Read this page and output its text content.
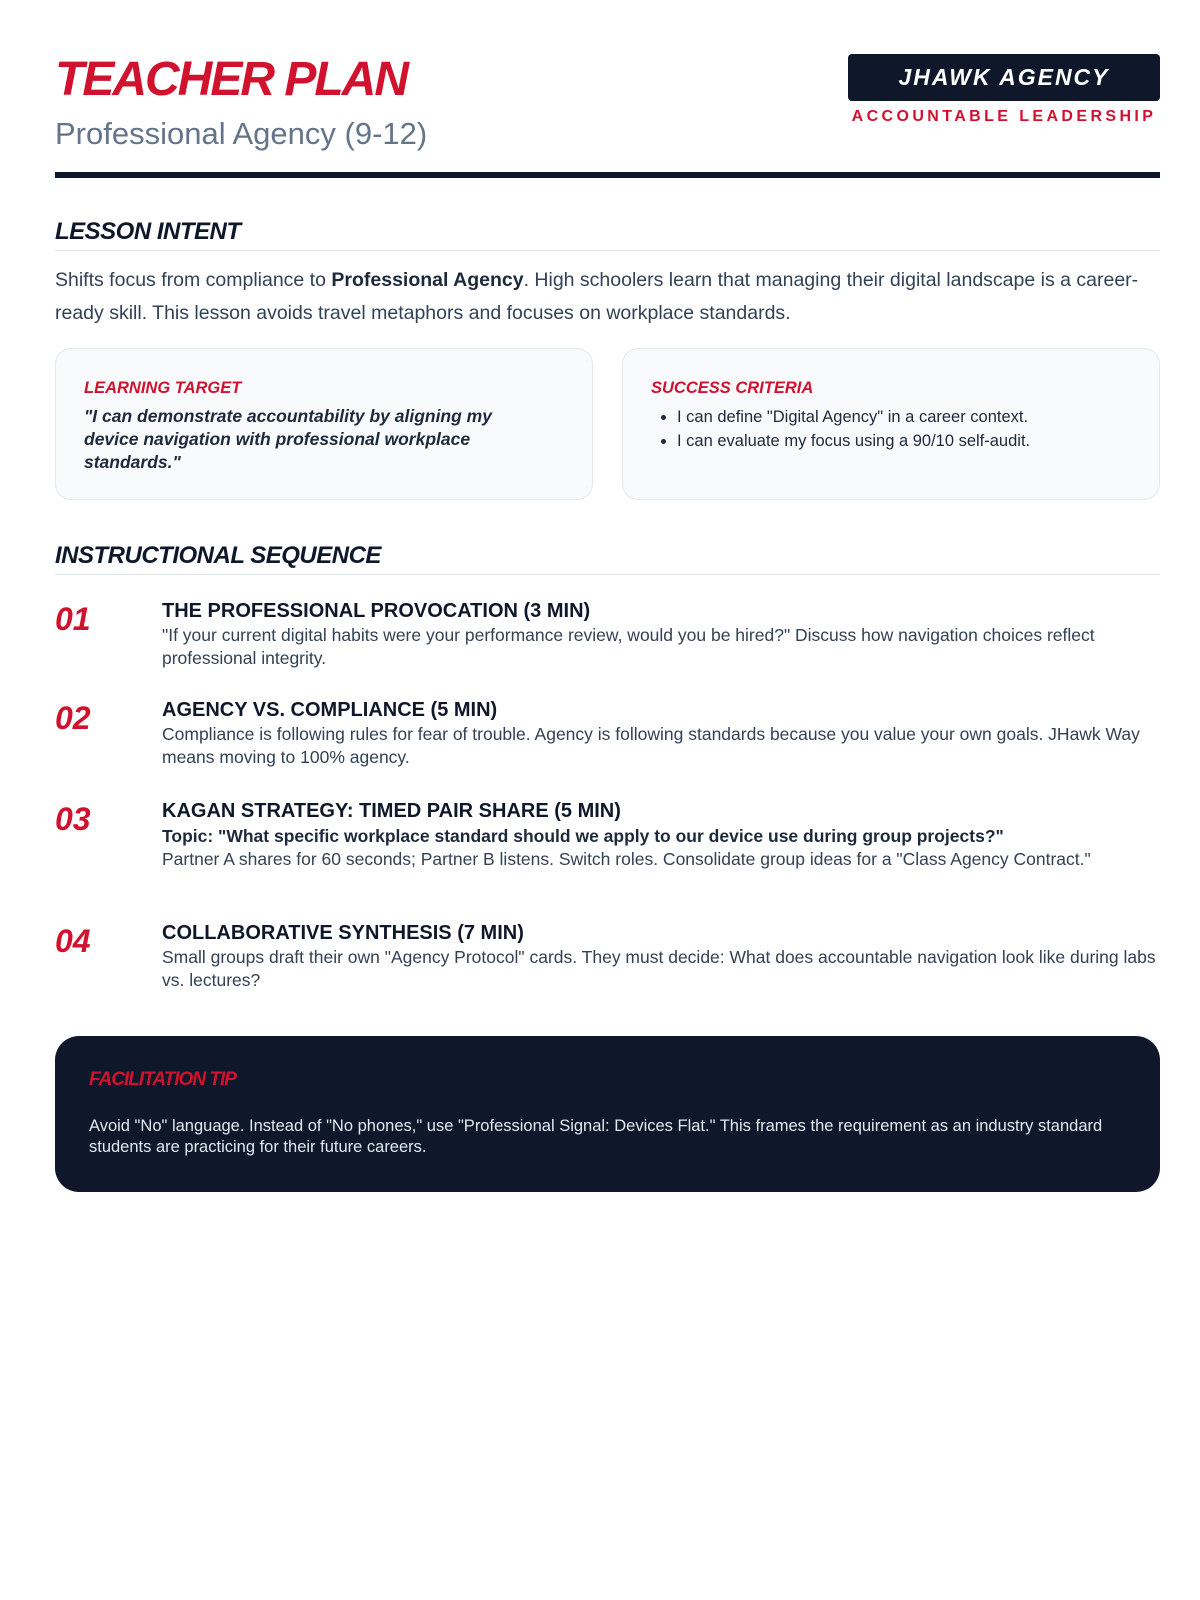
TEACHER PLAN
Professional Agency (9-12)
JHAWK AGENCY
ACCOUNTABLE LEADERSHIP
LESSON INTENT

Shifts focus from compliance to Professional Agency. High schoolers learn that managing their digital landscape is a career-ready skill. This lesson avoids travel metaphors and focuses on workplace standards.

LEARNING TARGET
"I can demonstrate accountability by aligning my device navigation with professional workplace standards."
SUCCESS CRITERIA
• I can define "Digital Agency" in a career context.
• I can evaluate my focus using a 90/10 self-audit.
INSTRUCTIONAL SEQUENCE
01	THE PROFESSIONAL PROVOCATION (3 MIN)
"If your current digital habits were your performance review, would you be hired?" Discuss how navigation choices reflect professional integrity.
02	AGENCY VS. COMPLIANCE (5 MIN)
Compliance is following rules for fear of trouble. Agency is following standards because you value your own goals. JHawk Way means moving to 100% agency.
03	KAGAN STRATEGY: TIMED PAIR SHARE (5 MIN)
Topic: "What specific workplace standard should we apply to our device use during group projects?"
Partner A shares for 60 seconds; Partner B listens. Switch roles. Consolidate group ideas for a "Class Agency Contract."
04	COLLABORATIVE SYNTHESIS (7 MIN)
Small groups draft their own "Agency Protocol" cards. They must decide: What does accountable navigation look like during labs vs. lectures?
FACILITATION TIP
Avoid "No" language. Instead of "No phones," use "Professional Signal: Devices Flat." This frames the requirement as an industry standard students are practicing for their future careers.
